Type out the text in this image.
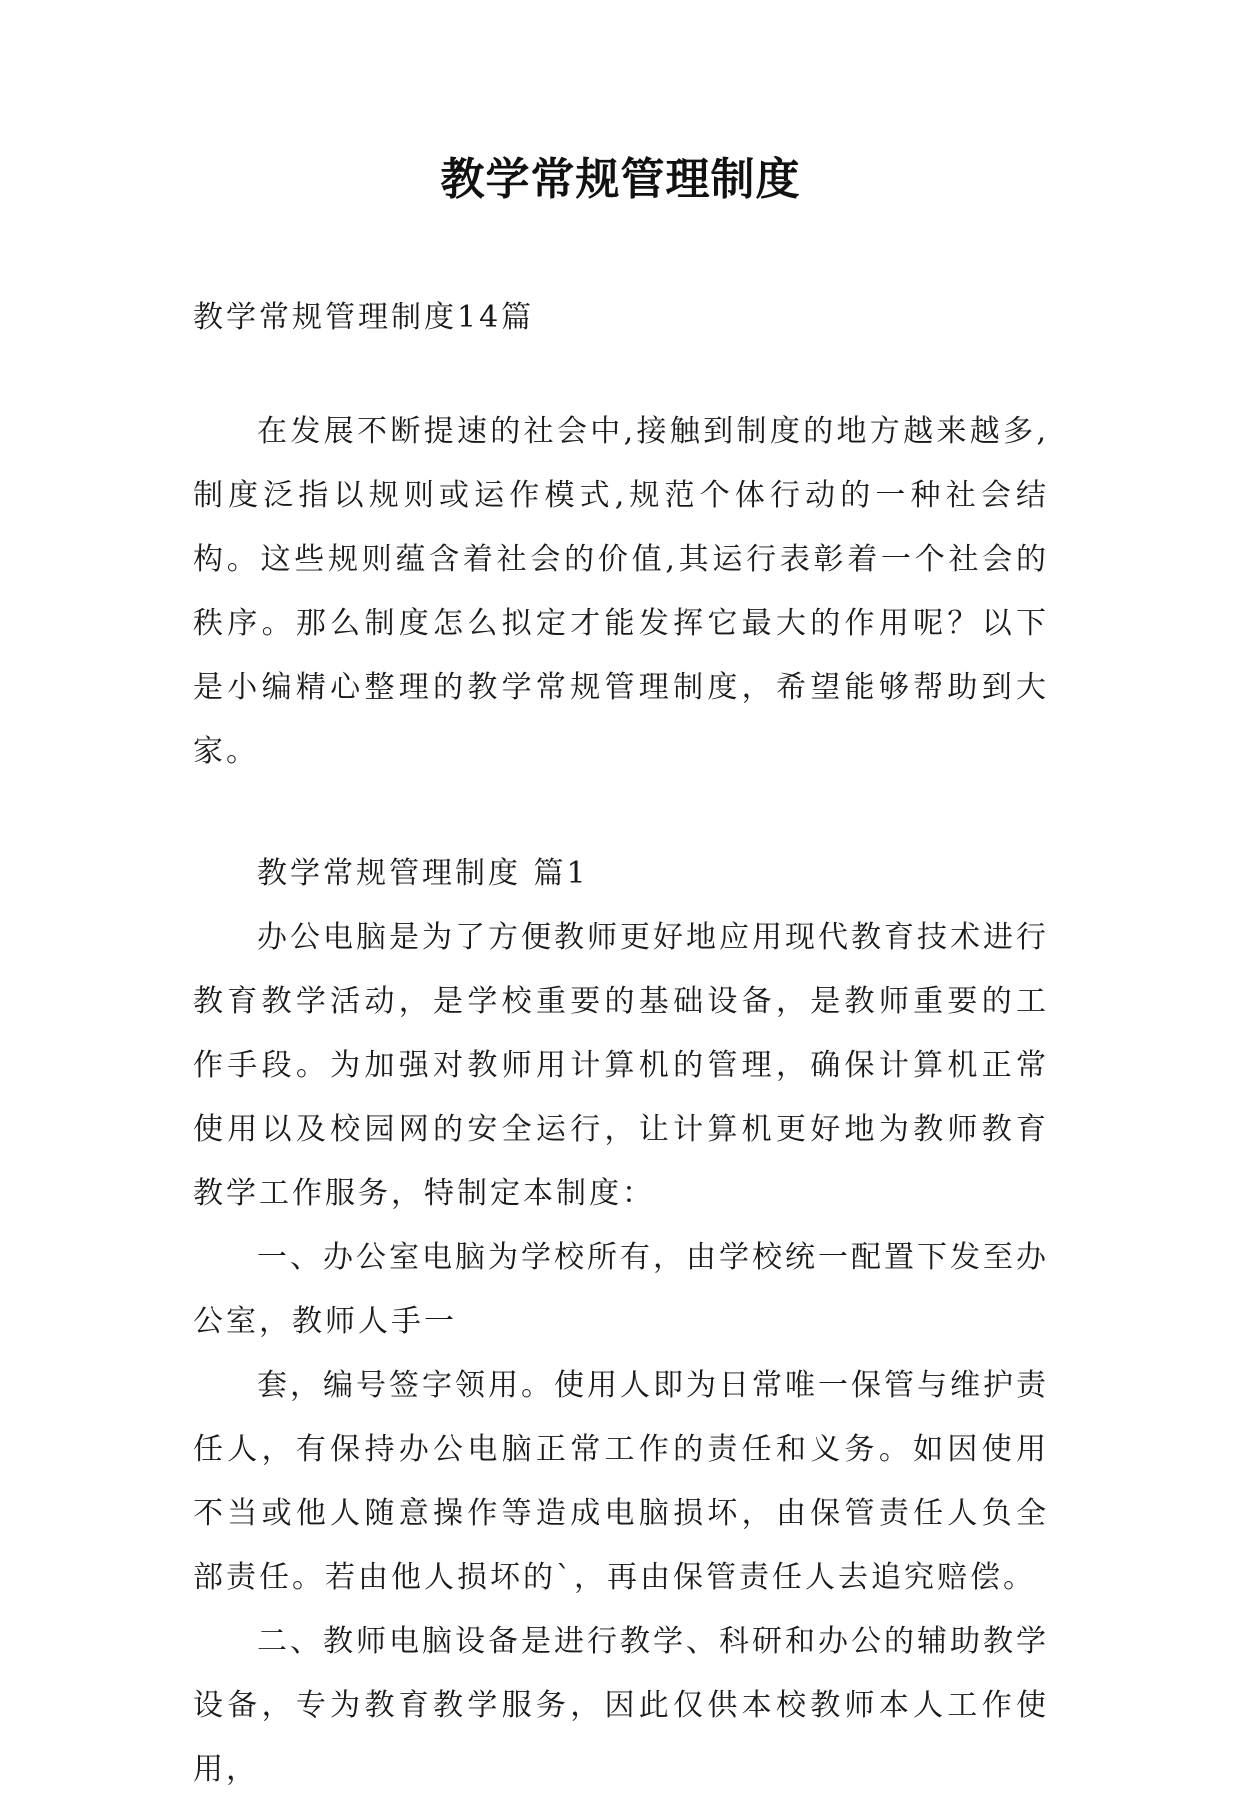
教学常规管理制度

教学常规管理制度14篇

在发展不断提速的社会中,接触到制度的地方越来越多,制度泛指以规则或运作模式,规范个体行动的一种社会结构。这些规则蕴含着社会的价值,其运行表彰着一个社会的秩序。那么制度怎么拟定才能发挥它最大的作用呢？以下是小编精心整理的教学常规管理制度，希望能够帮助到大家。

教学常规管理制度 篇1

办公电脑是为了方便教师更好地应用现代教育技术进行教育教学活动，是学校重要的基础设备，是教师重要的工作手段。为加强对教师用计算机的管理，确保计算机正常使用以及校园网的安全运行，让计算机更好地为教师教育教学工作服务，特制定本制度：

一、办公室电脑为学校所有，由学校统一配置下发至办公室，教师人手一

套，编号签字领用。使用人即为日常唯一保管与维护责任人，有保持办公电脑正常工作的责任和义务。如因使用不当或他人随意操作等造成电脑损坏，由保管责任人负全部责任。若由他人损坏的`，再由保管责任人去追究赔偿。

二、教师电脑设备是进行教学、科研和办公的辅助教学设备，专为教育教学服务，因此仅供本校教师本人工作使用，
